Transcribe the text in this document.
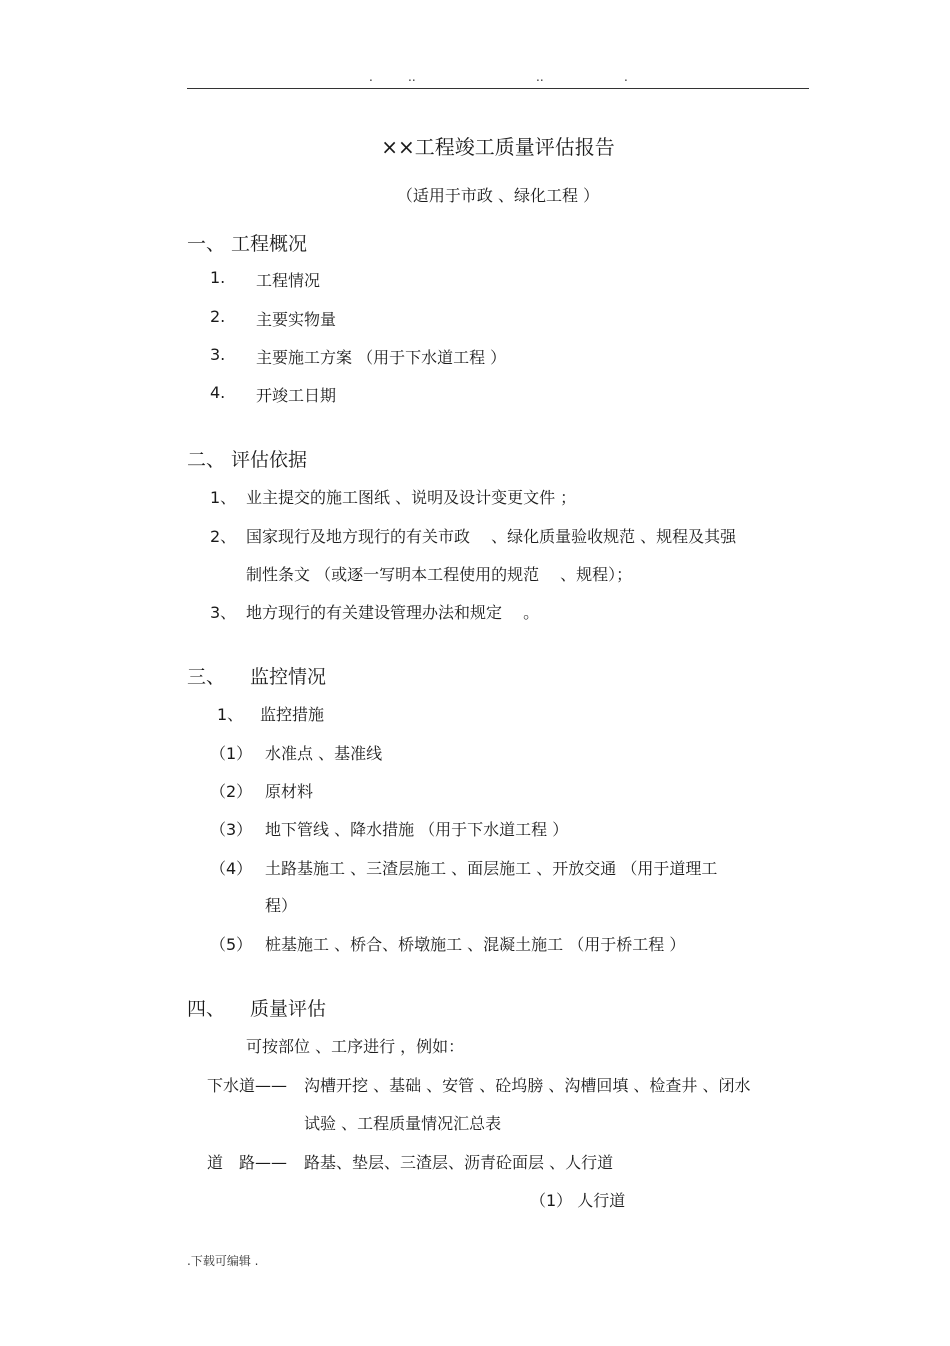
.	..	..	.
××工程竣工质量评估报告
（适用于市政 、绿化工程 ）
一、 工程概况
1. 工程情况
2. 主要实物量
3. 主要施工方案 （用于下水道工程 ）
4. 开竣工日期
二、 评估依据
1、 业主提交的施工图纸 、说明及设计变更文件 ；
2、 国家现行及地方现行的有关市政 　、绿化质量验收规范 、规程及其强
制性条文 （或逐一写明本工程使用的规范 　、规程）；
3、 地方现行的有关建设管理办法和规定 　。
三、 　监控情况
1、 监控措施
（1） 水准点 、基准线
（2） 原材料
（3） 地下管线 、降水措施 （用于下水道工程 ）
（4） 土路基施工 、三渣层施工 、面层施工 、开放交通 （用于道理工
程）
（5） 桩基施工 、桥合、桥墩施工 、混凝土施工 （用于桥工程 ）
四、 　质量评估
可按部位 、工序进行 ，例如：
下水道—— 沟槽开挖 、基础 、安管 、砼坞膀 、沟槽回填 、检查井 、闭水
试验 、工程质量情况汇总表
道　路—— 路基、垫层、三渣层、沥青砼面层 、人行道
（1） 人行道
.下载可编辑 .
